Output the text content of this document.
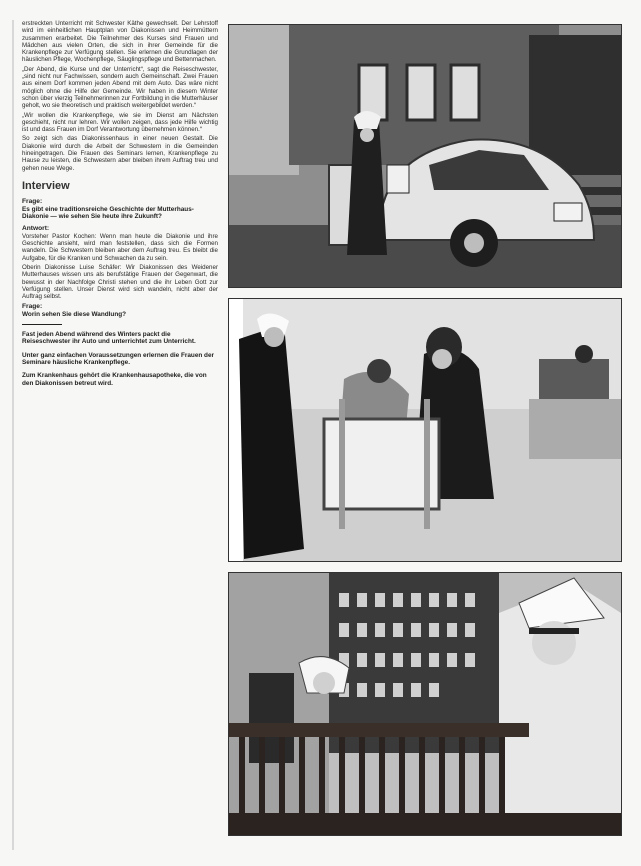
erstreckten Unterricht mit Schwester Käthe gewechselt. Der Lehrstoff wird im einheitlichen Hauptplan von Diakonissen und Heimmüttern zusammen erarbeitet. Die Teilnehmer des Kurses sind Frauen und Mädchen aus vielen Orten, die sich in ihrer Gemeinde für die Krankenpflege zur Verfügung stellen. Sie erlernen die Grundlagen der häuslichen Pflege, Wochenpflege, Säuglingspflege und Bettenmachen.

„Der Abend, die Kurse und der Unterricht“, sagt die Reiseschwester, „sind nicht nur Fachwissen, sondern auch Gemeinschaft. Zwei Frauen aus einem Dorf kommen jeden Abend mit dem Auto. Das wäre nicht möglich ohne die Hilfe der Gemeinde. Wir haben in diesem Winter schon über vierzig Teilnehmerinnen zur Fortbildung in die Mutterhäuser geholt, wo sie theoretisch und praktisch weitergebildet werden.“

„Wir wollen die Krankenpflege, wie sie im Dienst am Nächsten geschieht, nicht nur lehren. Wir wollen zeigen, dass jede Hilfe wichtig ist und dass Frauen im Dorf Verantwortung übernehmen können.“

So zeigt sich das Diakonissenhaus in einer neuen Gestalt. Die Diakonie wird durch die Arbeit der Schwestern in die Gemeinden hineingetragen. Die Frauen des Seminars lernen, Krankenpflege zu Hause zu leisten, die Schwestern aber bleiben ihrem Auftrag treu und gehen neue Wege.

Interview
Frage:

Es gibt eine traditionsreiche Geschichte der Mutterhaus-Diakonie — wie sehen Sie heute ihre Zukunft?

Antwort:

Vorsteher Pastor Kochen: Wenn man heute die Diakonie und ihre Geschichte ansieht, wird man feststellen, dass sich die Formen wandeln. Die Schwestern bleiben aber dem Auftrag treu. Es bleibt die Aufgabe, für die Kranken und Schwachen da zu sein.

Oberin Diakonisse Luise Schäfer: Wir Diakonissen des Weidener Mutterhauses wissen uns als berufstätige Frauen der Gegenwart, die bewusst in der Nachfolge Christi stehen und die ihr Leben Gott zur Verfügung stellen. Unser Dienst wird sich wandeln, nicht aber der Auftrag selbst.

Frage:

Worin sehen Sie diese Wandlung?

Fast jeden Abend während des Winters packt die Reiseschwester ihr Auto und unterrichtet zum Unterricht.

Unter ganz einfachen Voraussetzungen erlernen die Frauen der Seminare häusliche Krankenpflege.

Zum Krankenhaus gehört die Krankenhausapotheke, die von den Diakonissen betreut wird.
